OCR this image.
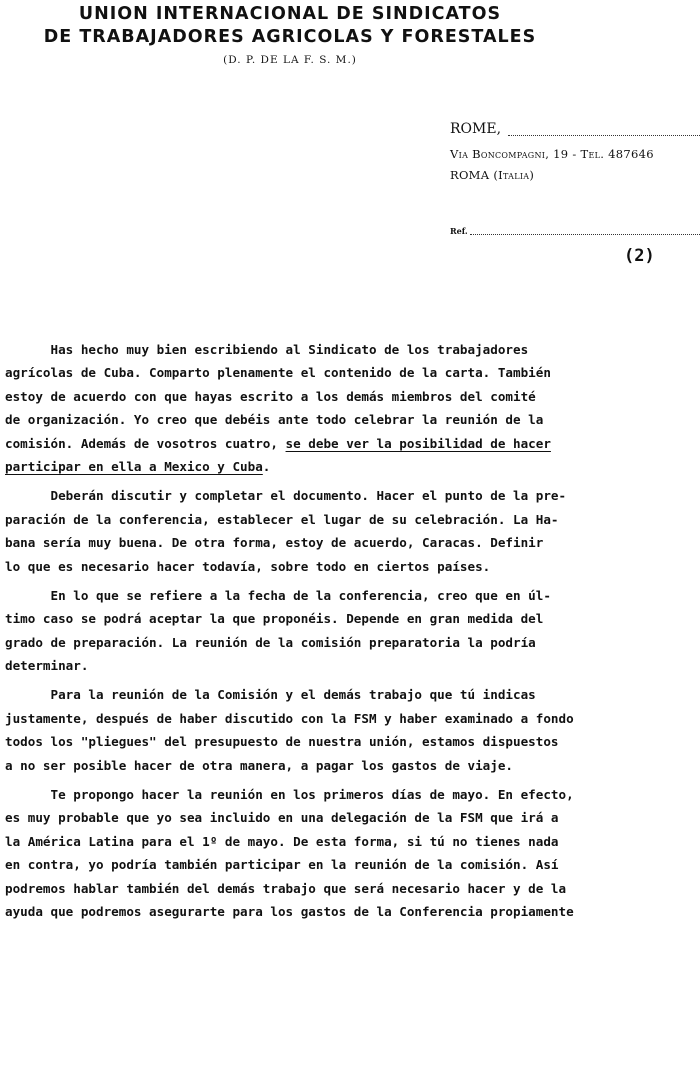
UNION INTERNACIONAL DE SINDICATOS
DE TRABAJADORES AGRICOLAS Y FORESTALES
(D. P. DE LA F. S. M.)
ROME,
Via Boncompagni, 19 - Tel. 487646
ROMA (Italia)
Ref.
(2)
Has hecho muy bien escribiendo al Sindicato de los trabajadores
agrícolas de Cuba. Comparto plenamente el contenido de la carta. También
estoy de acuerdo con que hayas escrito a los demás miembros del comité
de organización. Yo creo que debéis ante todo celebrar la reunión de la
comisión. Además de vosotros cuatro, se debe ver la posibilidad de hacer
participar en ella a Mexico y Cuba.
Deberán discutir y completar el documento. Hacer el punto de la pre-
paración de la conferencia, establecer el lugar de su celebración. La Ha-
bana sería muy buena. De otra forma, estoy de acuerdo, Caracas. Definir
lo que es necesario hacer todavía, sobre todo en ciertos países.
En lo que se refiere a la fecha de la conferencia, creo que en úl-
timo caso se podrá aceptar la que proponéis. Depende en gran medida del
grado de preparación. La reunión de la comisión preparatoria la podría
determinar.
Para la reunión de la Comisión y el demás trabajo que tú indicas
justamente, después de haber discutido con la FSM y haber examinado a fondo
todos los "pliegues" del presupuesto de nuestra unión, estamos dispuestos
a no ser posible hacer de otra manera, a pagar los gastos de viaje.
Te propongo hacer la reunión en los primeros días de mayo. En efecto,
es muy probable que yo sea incluido en una delegación de la FSM que irá a
la América Latina para el 1º de mayo. De esta forma, si tú no tienes nada
en contra, yo podría también participar en la reunión de la comisión. Así
podremos hablar también del demás trabajo que será necesario hacer y de la
ayuda que podremos asegurarte para los gastos de la Conferencia propiamente
